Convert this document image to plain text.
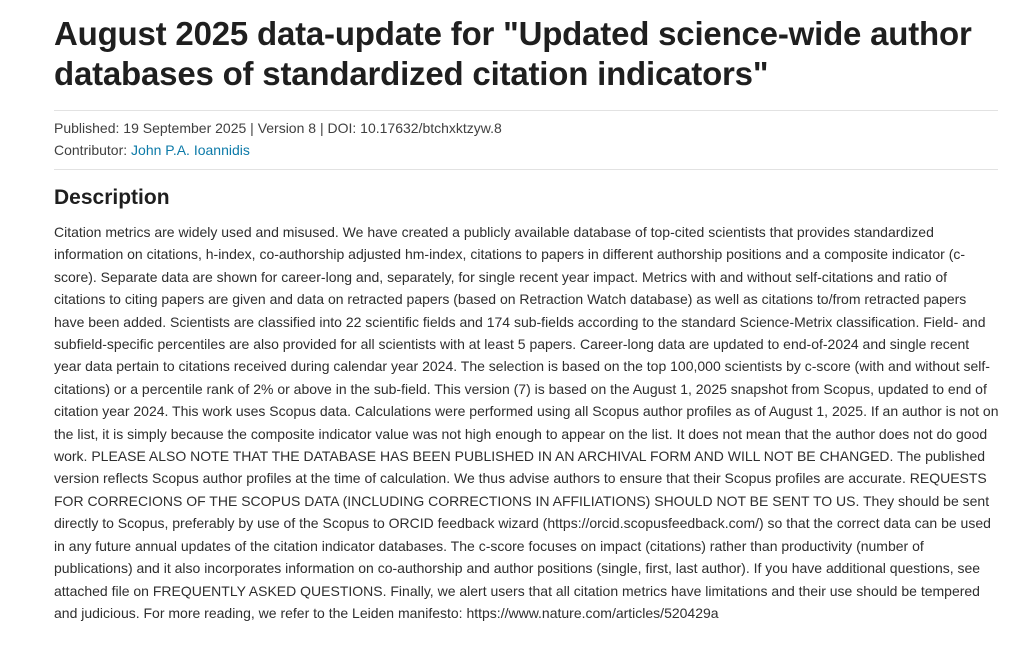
August 2025 data-update for "Updated science-wide author databases of standardized citation indicators"
Published: 19 September 2025 | Version 8 | DOI: 10.17632/btchxktzyw.8
Contributor: John P.A. Ioannidis
Description

Citation metrics are widely used and misused. We have created a publicly available database of top-cited scientists that provides standardized information on citations, h-index, co-authorship adjusted hm-index, citations to papers in different authorship positions and a composite indicator (c-score). Separate data are shown for career-long and, separately, for single recent year impact. Metrics with and without self-citations and ratio of citations to citing papers are given and data on retracted papers (based on Retraction Watch database) as well as citations to/from retracted papers have been added. Scientists are classified into 22 scientific fields and 174 sub-fields according to the standard Science-Metrix classification. Field- and subfield-specific percentiles are also provided for all scientists with at least 5 papers. Career-long data are updated to end-of-2024 and single recent year data pertain to citations received during calendar year 2024. The selection is based on the top 100,000 scientists by c-score (with and without self-citations) or a percentile rank of 2% or above in the sub-field. This version (7) is based on the August 1, 2025 snapshot from Scopus, updated to end of citation year 2024. This work uses Scopus data. Calculations were performed using all Scopus author profiles as of August 1, 2025. If an author is not on the list, it is simply because the composite indicator value was not high enough to appear on the list. It does not mean that the author does not do good work. PLEASE ALSO NOTE THAT THE DATABASE HAS BEEN PUBLISHED IN AN ARCHIVAL FORM AND WILL NOT BE CHANGED. The published version reflects Scopus author profiles at the time of calculation. We thus advise authors to ensure that their Scopus profiles are accurate. REQUESTS FOR CORRECIONS OF THE SCOPUS DATA (INCLUDING CORRECTIONS IN AFFILIATIONS) SHOULD NOT BE SENT TO US. They should be sent directly to Scopus, preferably by use of the Scopus to ORCID feedback wizard (https://orcid.scopusfeedback.com/) so that the correct data can be used in any future annual updates of the citation indicator databases. The c-score focuses on impact (citations) rather than productivity (number of publications) and it also incorporates information on co-authorship and author positions (single, first, last author). If you have additional questions, see attached file on FREQUENTLY ASKED QUESTIONS. Finally, we alert users that all citation metrics have limitations and their use should be tempered and judicious. For more reading, we refer to the Leiden manifesto: https://www.nature.com/articles/520429a
